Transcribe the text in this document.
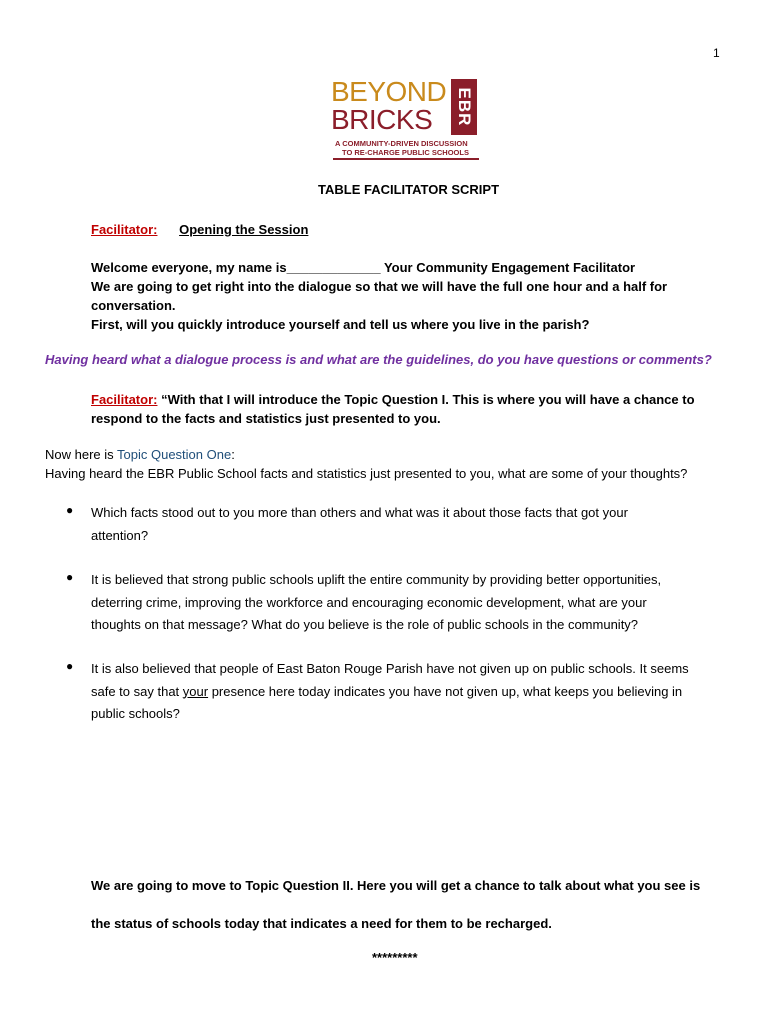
1
BEYOND
BRICKS EBR
A COMMUNITY-DRIVEN DISCUSSION
TO RE-CHARGE PUBLIC SCHOOLS
TABLE FACILITATOR SCRIPT
Facilitator: Opening the Session
Welcome everyone, my name is_____________ Your Community Engagement Facilitator
We are going to get right into the dialogue so that we will have the full one hour and a half for
conversation.
First, will you quickly introduce yourself and tell us where you live in the parish?
Having heard what a dialogue process is and what are the guidelines, do you have questions or comments?
Facilitator: “With that I will introduce the Topic Question I. This is where you will have a chance to
respond to the facts and statistics just presented to you.
Now here is Topic Question One:
Having heard the EBR Public School facts and statistics just presented to you, what are some of your thoughts?
● Which facts stood out to you more than others and what was it about those facts that got your
attention?
● It is believed that strong public schools uplift the entire community by providing better opportunities,
deterring crime, improving the workforce and encouraging economic development, what are your
thoughts on that message? What do you believe is the role of public schools in the community?
● It is also believed that people of East Baton Rouge Parish have not given up on public schools. It seems
safe to say that your presence here today indicates you have not given up, what keeps you believing in
public schools?
We are going to move to Topic Question II. Here you will get a chance to talk about what you see is
the status of schools today that indicates a need for them to be recharged.
*********
